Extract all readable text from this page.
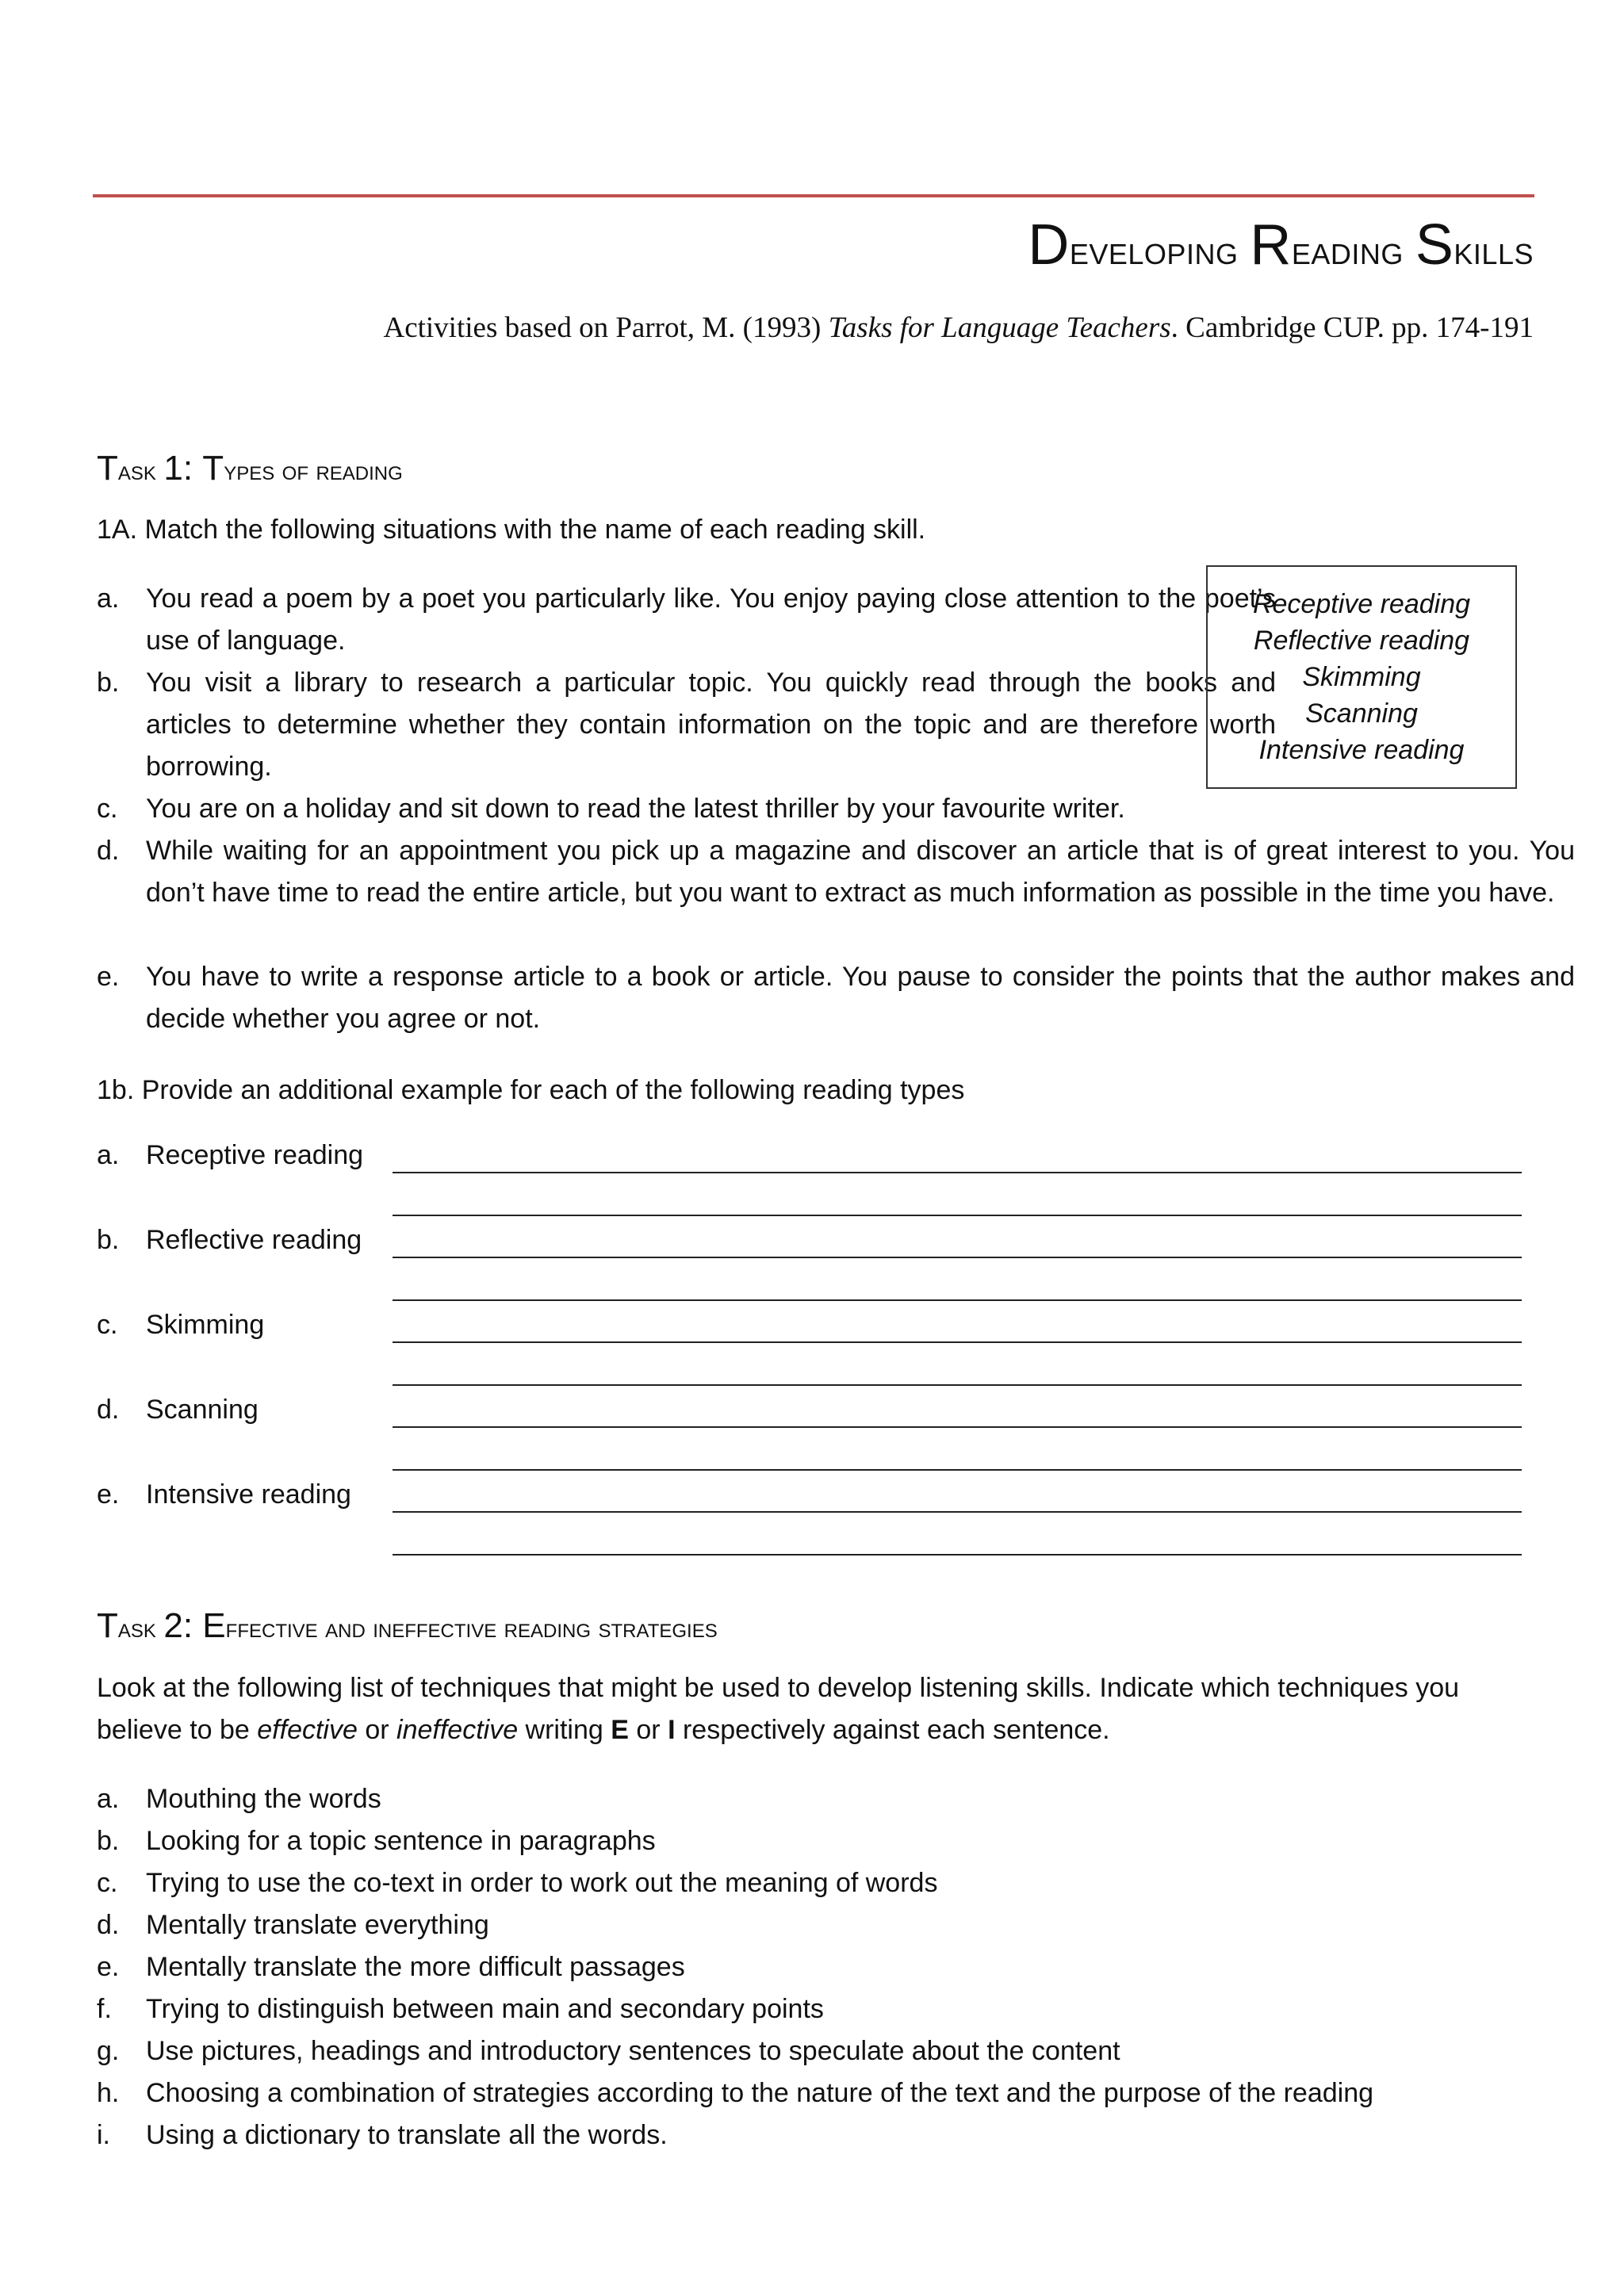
Developing Reading Skills
Activities based on Parrot, M. (1993) Tasks for Language Teachers. Cambridge CUP. pp. 174-191
Task 1: Types of reading
1A. Match the following situations with the name of each reading skill.
a. You read a poem by a poet you particularly like. You enjoy paying close attention to the poet’s use of language.
b. You visit a library to research a particular topic. You quickly read through the books and articles to determine whether they contain information on the topic and are therefore worth borrowing.
c. You are on a holiday and sit down to read the latest thriller by your favourite writer.
d. While waiting for an appointment you pick up a magazine and discover an article that is of great interest to you. You don’t have time to read the entire article, but you want to extract as much information as possible in the time you have.
e. You have to write a response article to a book or article. You pause to consider the points that the author makes and decide whether you agree or not.
Receptive reading
Reflective reading
Skimming
Scanning
Intensive reading
1b. Provide an additional example for each of the following reading types
a. Receptive reading
b. Reflective reading
c. Skimming
d. Scanning
e. Intensive reading
Task 2: Effective and ineffective reading strategies
Look at the following list of techniques that might be used to develop listening skills. Indicate which techniques you
believe to be effective or ineffective writing E or I respectively against each sentence.
a. Mouthing the words
b. Looking for a topic sentence in paragraphs
c. Trying to use the co-text in order to work out the meaning of words
d. Mentally translate everything
e. Mentally translate the more difficult passages
f. Trying to distinguish between main and secondary points
g. Use pictures, headings and introductory sentences to speculate about the content
h. Choosing a combination of strategies according to the nature of the text and the purpose of the reading
i. Using a dictionary to translate all the words.
